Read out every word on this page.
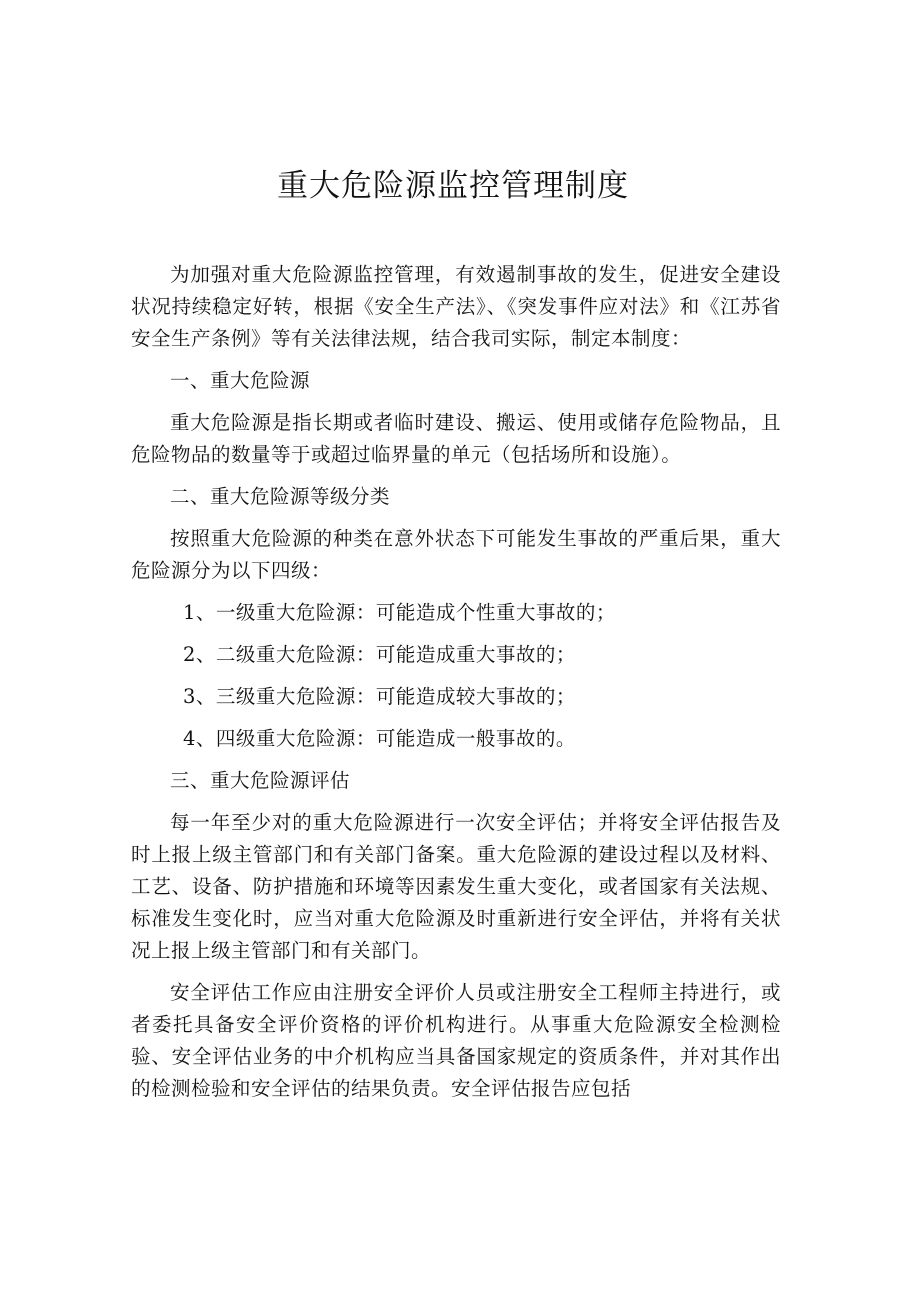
重大危险源监控管理制度

为加强对重大危险源监控管理，有效遏制事故的发生，促进安全建设状况持续稳定好转，根据《安全生产法》、《突发事件应对法》和《江苏省安全生产条例》等有关法律法规，结合我司实际，制定本制度：

一、重大危险源

重大危险源是指长期或者临时建设、搬运、使用或储存危险物品，且危险物品的数量等于或超过临界量的单元（包括场所和设施）。

二、重大危险源等级分类

按照重大危险源的种类在意外状态下可能发生事故的严重后果，重大危险源分为以下四级：

1、一级重大危险源：可能造成个性重大事故的；

2、二级重大危险源：可能造成重大事故的；

3、三级重大危险源：可能造成较大事故的；

4、四级重大危险源：可能造成一般事故的。

三、重大危险源评估

每一年至少对的重大危险源进行一次安全评估；并将安全评估报告及时上报上级主管部门和有关部门备案。重大危险源的建设过程以及材料、工艺、设备、防护措施和环境等因素发生重大变化，或者国家有关法规、标准发生变化时，应当对重大危险源及时重新进行安全评估，并将有关状况上报上级主管部门和有关部门。

安全评估工作应由注册安全评价人员或注册安全工程师主持进行，或者委托具备安全评价资格的评价机构进行。从事重大危险源安全检测检验、安全评估业务的中介机构应当具备国家规定的资质条件，并对其作出的检测检验和安全评估的结果负责。安全评估报告应包括
